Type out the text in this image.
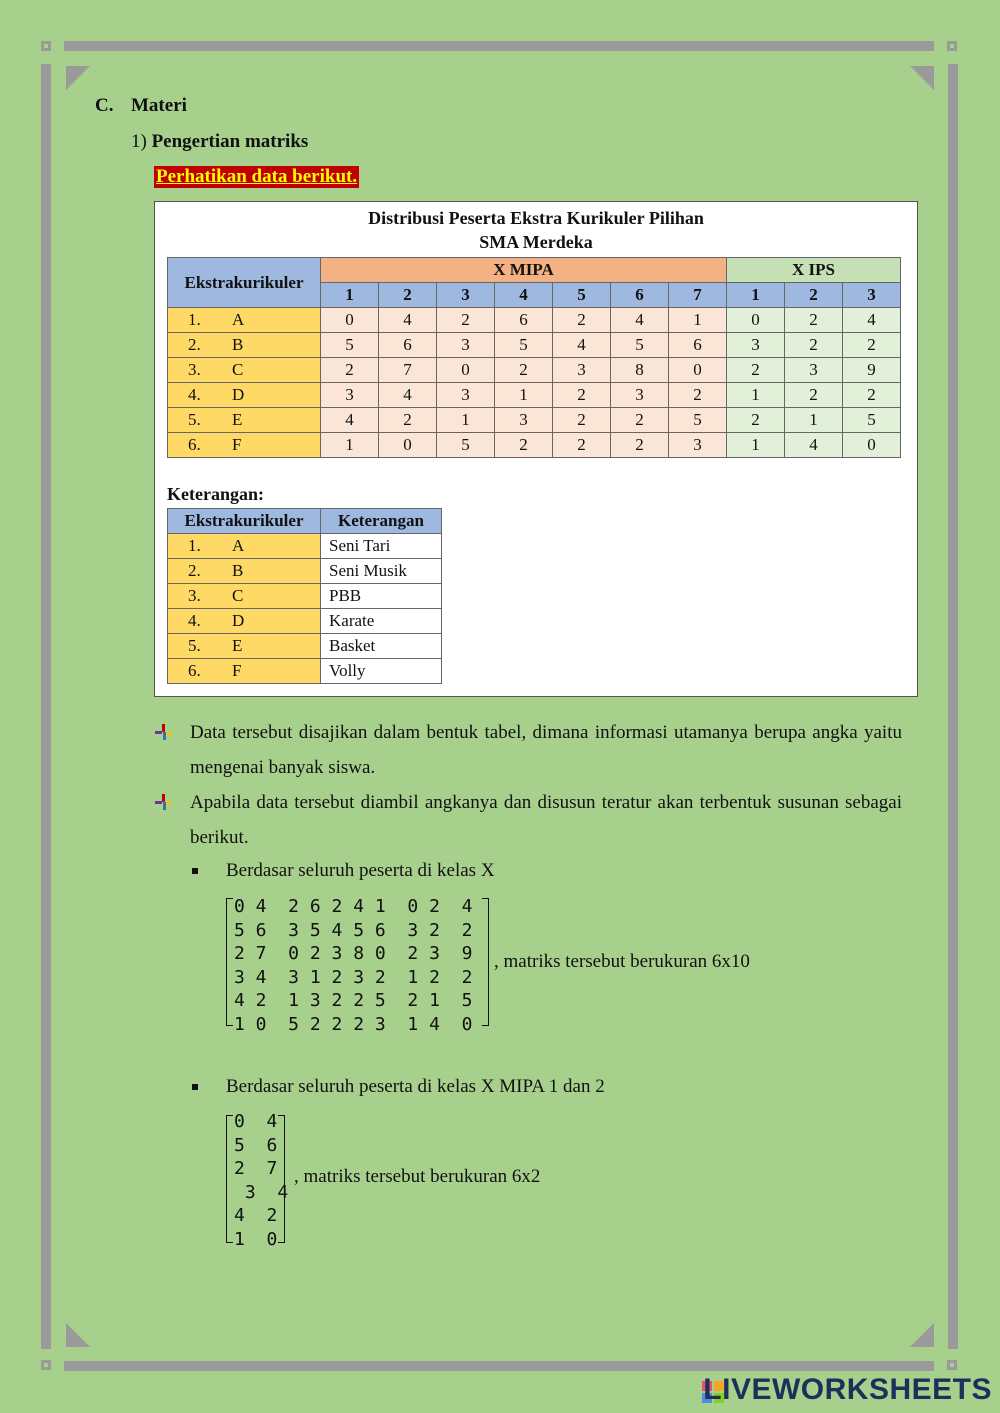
C. Materi
1) Pengertian matriks
Perhatikan data berikut.
Distribusi Peserta Ekstra Kurikuler Pilihan
SMA Merdeka
Ekstrakurikuler	X MIPA							X IPS		
	1	2	3	4	5	6	7	1	2	3
1. A	0	4	2	6	2	4	1	0	2	4
2. B	5	6	3	5	4	5	6	3	2	2
3. C	2	7	0	2	3	8	0	2	3	9
4. D	3	4	3	1	2	3	2	1	2	2
5. E	4	2	1	3	2	2	5	2	1	5
6. F	1	0	5	2	2	2	3	1	4	0
Keterangan:
Ekstrakurikuler	Keterangan
1. A	Seni Tari
2. B	Seni Musik
3. C	PBB
4. D	Karate
5. E	Basket
6. F	Volly
Data tersebut disajikan dalam bentuk tabel, dimana informasi utamanya berupa angka yaitu mengenai banyak siswa.
Apabila data tersebut diambil angkanya dan disusun teratur akan terbentuk susunan sebagai berikut.
Berdasar seluruh peserta di kelas X
0 4  2 6 2 4 1  0 2  4
5 6  3 5 4 5 6  3 2  2
2 7  0 2 3 8 0  2 3  9
3 4  3 1 2 3 2  1 2  2
4 2  1 3 2 2 5  2 1  5
1 0  5 2 2 2 3  1 4  0
, matriks tersebut berukuran 6x10
Berdasar seluruh peserta di kelas X MIPA 1 dan 2
0  4
5  6
2  7
3  4
4  2
1  0
, matriks tersebut berukuran 6x2
LIVEWORKSHEETS
